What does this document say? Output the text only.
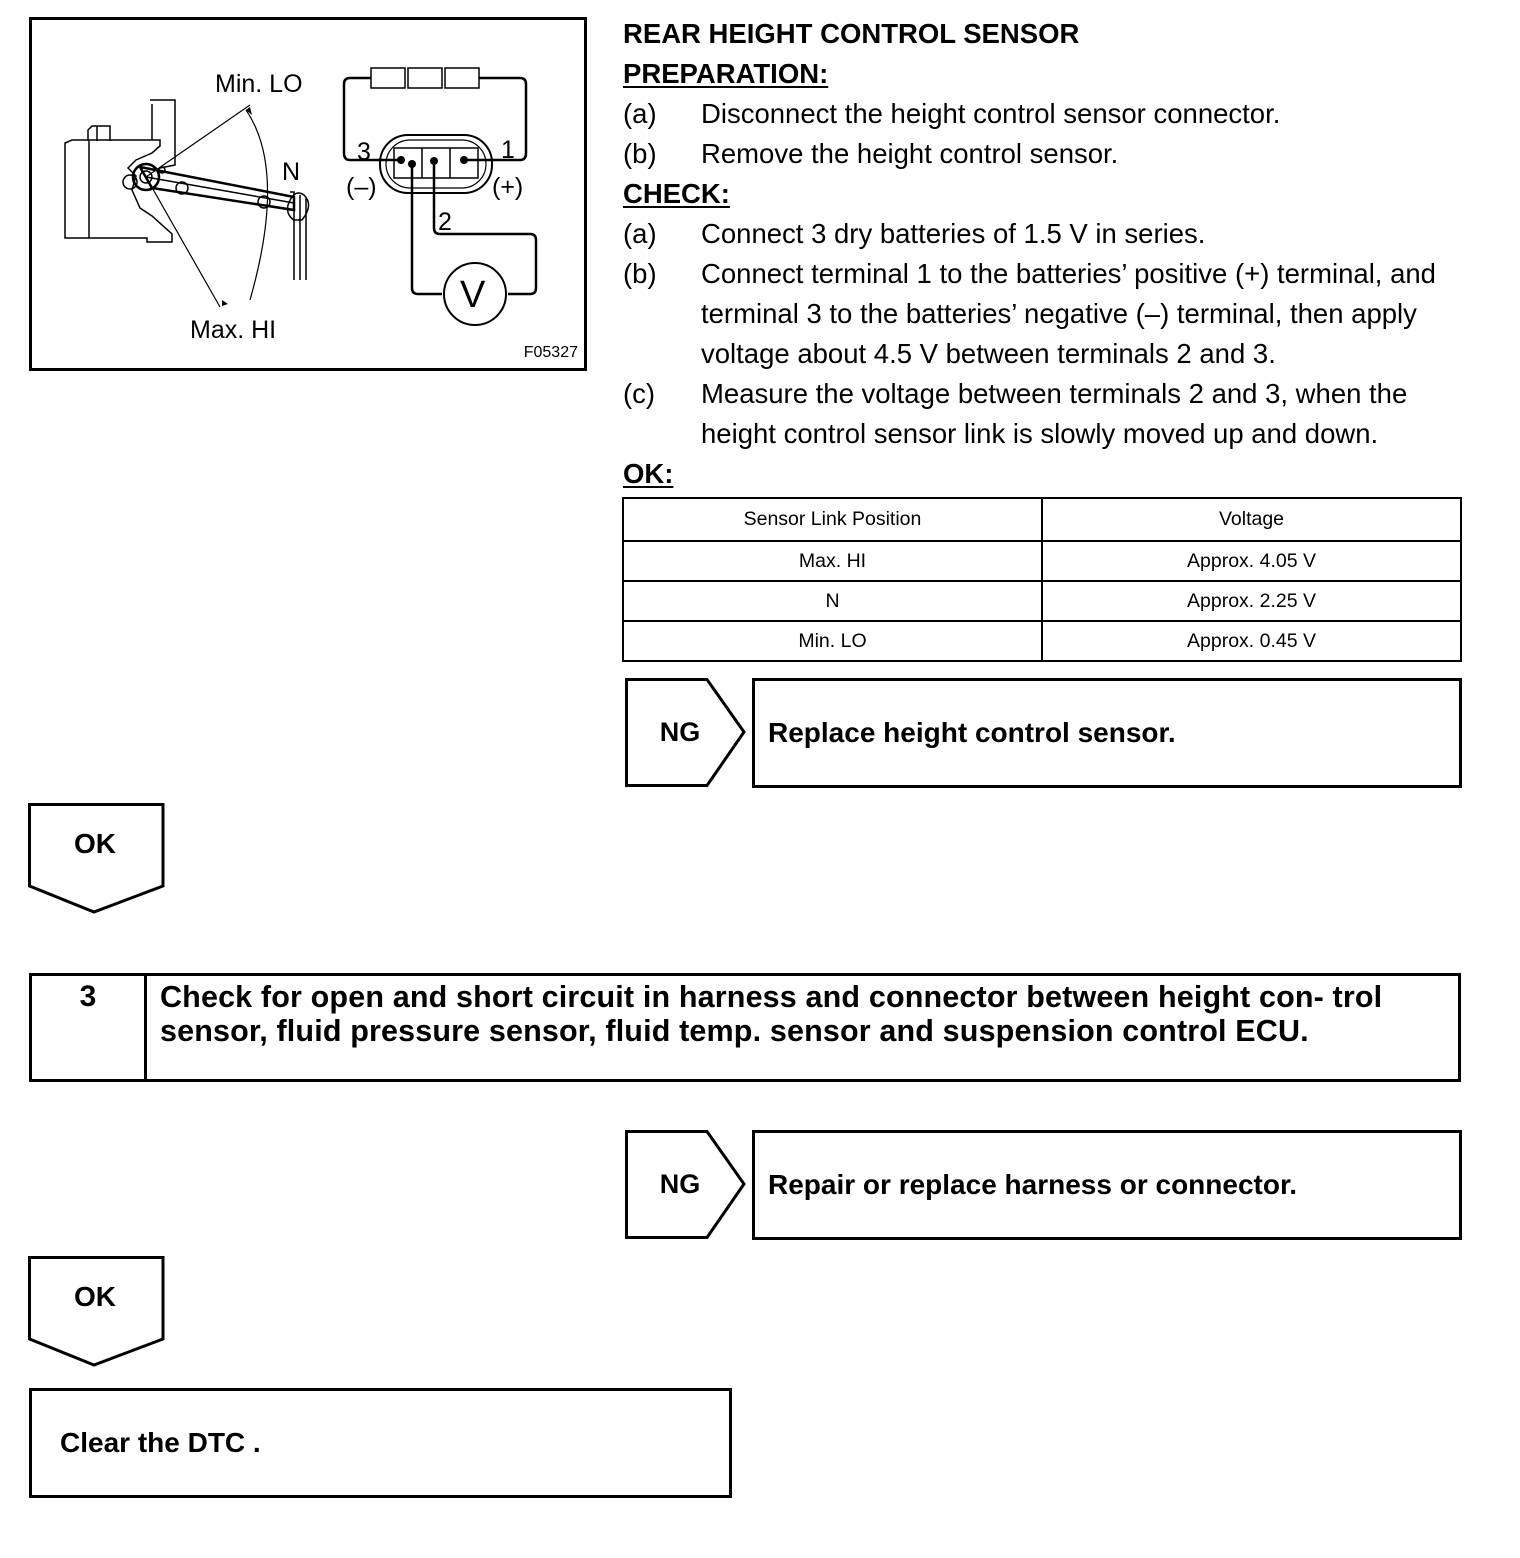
Min. LO
N
Max. HI
3	1
2
(–)	(+)
V
F05327
REAR HEIGHT CONTROL SENSOR
PREPARATION:
(a)	Disconnect the height control sensor connector.
(b)	Remove the height control sensor.
CHECK:
(a)	Connect 3 dry batteries of 1.5 V in series.
(b)	Connect terminal 1 to the batteries’ positive (+) terminal, and terminal 3 to the batteries’ negative (–) terminal, then apply voltage about 4.5 V between terminals 2 and 3.
(c)	Measure the voltage between terminals 2 and 3, when the height control sensor link is slowly moved up and down.
OK:
Sensor Link Position	Voltage
Max. HI	Approx. 4.05 V
N	Approx. 2.25 V
Min. LO	Approx. 0.45 V
NG	Replace height control sensor.
OK
3	Check for open and short circuit in harness and connector between height con- trol sensor, fluid pressure sensor, fluid temp. sensor and suspension control ECU.
NG	Repair or replace harness or connector.
OK
Clear the DTC .
